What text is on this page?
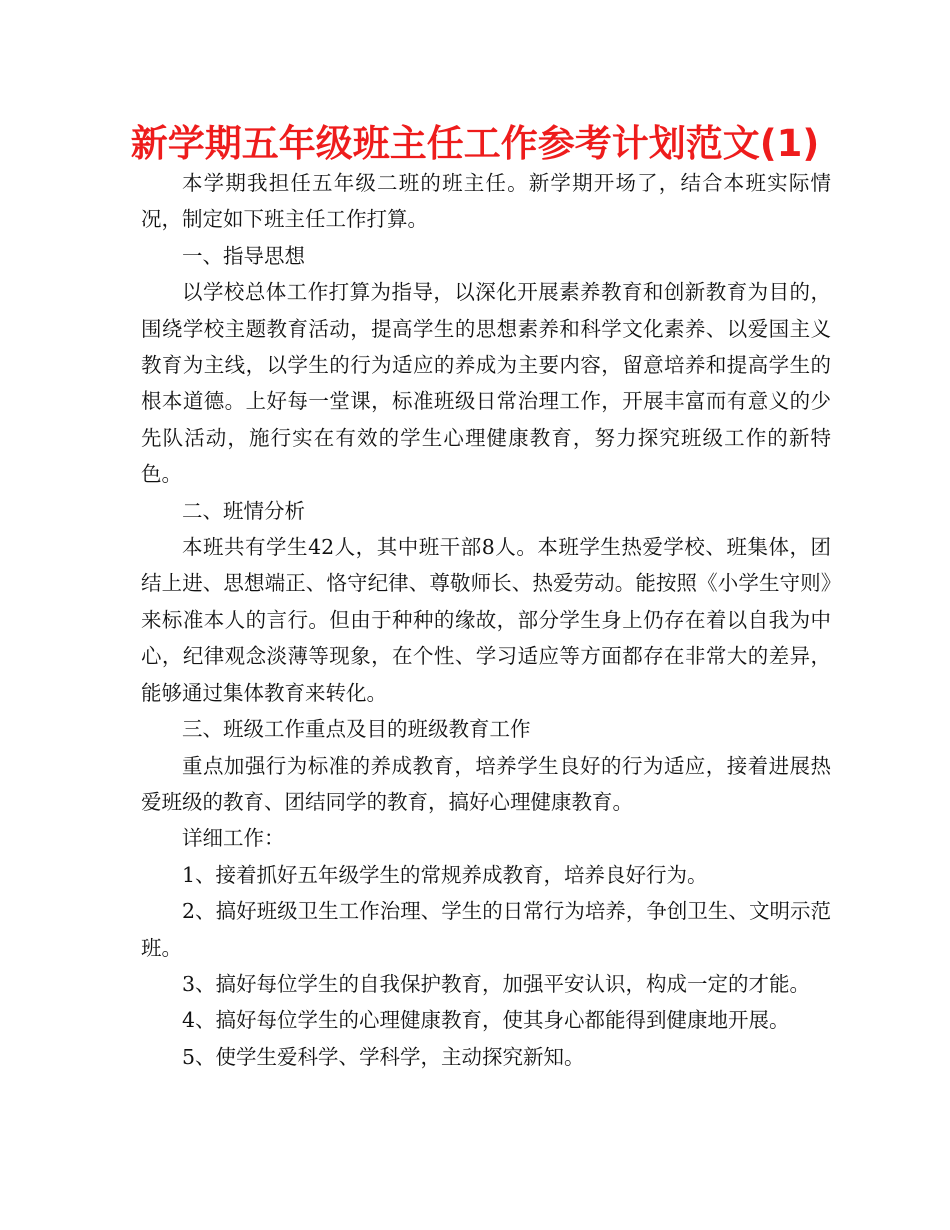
新学期五年级班主任工作参考计划范文(1)

本学期我担任五年级二班的班主任。新学期开场了，结合本班实际情况，制定如下班主任工作打算。

一、指导思想

以学校总体工作打算为指导，以深化开展素养教育和创新教育为目的，围绕学校主题教育活动，提高学生的思想素养和科学文化素养、以爱国主义教育为主线，以学生的行为适应的养成为主要内容，留意培养和提高学生的根本道德。上好每一堂课，标准班级日常治理工作，开展丰富而有意义的少先队活动，施行实在有效的学生心理健康教育，努力探究班级工作的新特色。

二、班情分析

本班共有学生42人，其中班干部8人。本班学生热爱学校、班集体，团结上进、思想端正、恪守纪律、尊敬师长、热爱劳动。能按照《小学生守则》来标准本人的言行。但由于种种的缘故，部分学生身上仍存在着以自我为中心，纪律观念淡薄等现象，在个性、学习适应等方面都存在非常大的差异，能够通过集体教育来转化。

三、班级工作重点及目的班级教育工作

重点加强行为标准的养成教育，培养学生良好的行为适应，接着进展热爱班级的教育、团结同学的教育，搞好心理健康教育。

详细工作：

1、接着抓好五年级学生的常规养成教育，培养良好行为。

2、搞好班级卫生工作治理、学生的日常行为培养，争创卫生、文明示范班。

3、搞好每位学生的自我保护教育，加强平安认识，构成一定的才能。

4、搞好每位学生的心理健康教育，使其身心都能得到健康地开展。

5、使学生爱科学、学科学，主动探究新知。
